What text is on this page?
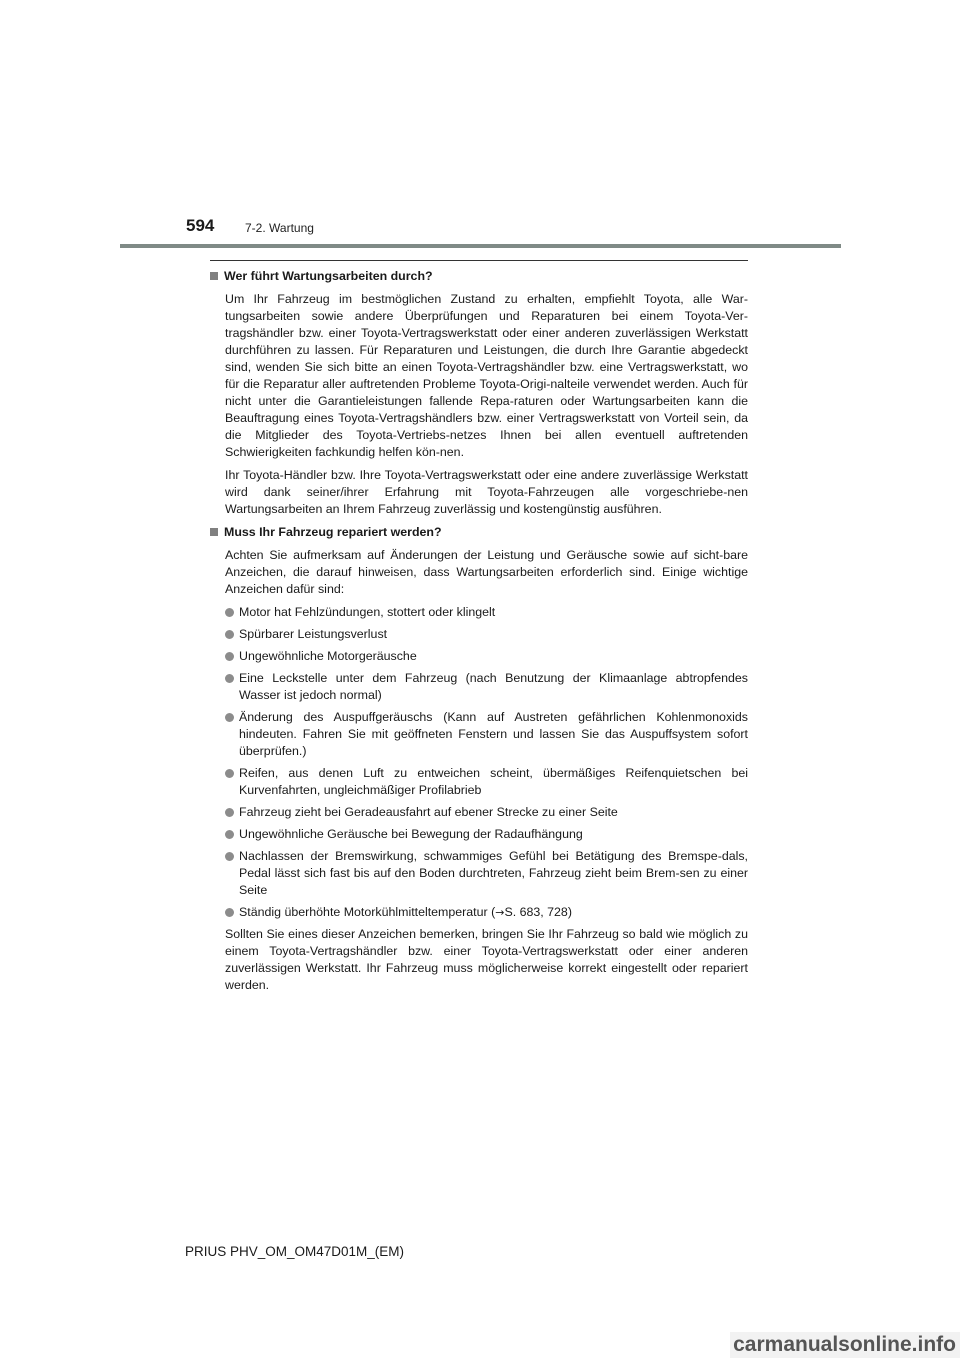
594	7-2. Wartung
Wer führt Wartungsarbeiten durch?

Um Ihr Fahrzeug im bestmöglichen Zustand zu erhalten, empfiehlt Toyota, alle War-tungsarbeiten sowie andere Überprüfungen und Reparaturen bei einem Toyota-Ver-tragshändler bzw. einer Toyota-Vertragswerkstatt oder einer anderen zuverlässigen Werkstatt durchführen zu lassen. Für Reparaturen und Leistungen, die durch Ihre Garantie abgedeckt sind, wenden Sie sich bitte an einen Toyota-Vertragshändler bzw. eine Vertragswerkstatt, wo für die Reparatur aller auftretenden Probleme Toyota-Origi-nalteile verwendet werden. Auch für nicht unter die Garantieleistungen fallende Repa-raturen oder Wartungsarbeiten kann die Beauftragung eines Toyota-Vertragshändlers bzw. einer Vertragswerkstatt von Vorteil sein, da die Mitglieder des Toyota-Vertriebs-netzes Ihnen bei allen eventuell auftretenden Schwierigkeiten fachkundig helfen kön-nen.

Ihr Toyota-Händler bzw. Ihre Toyota-Vertragswerkstatt oder eine andere zuverlässige Werkstatt wird dank seiner/ihrer Erfahrung mit Toyota-Fahrzeugen alle vorgeschriebe-nen Wartungsarbeiten an Ihrem Fahrzeug zuverlässig und kostengünstig ausführen.

Muss Ihr Fahrzeug repariert werden?

Achten Sie aufmerksam auf Änderungen der Leistung und Geräusche sowie auf sicht-bare Anzeichen, die darauf hinweisen, dass Wartungsarbeiten erforderlich sind. Einige wichtige Anzeichen dafür sind:

Motor hat Fehlzündungen, stottert oder klingelt
Spürbarer Leistungsverlust
Ungewöhnliche Motorgeräusche
Eine Leckstelle unter dem Fahrzeug (nach Benutzung der Klimaanlage abtropfendes Wasser ist jedoch normal)
Änderung des Auspuffgeräuschs (Kann auf Austreten gefährlichen Kohlenmonoxids hindeuten. Fahren Sie mit geöffneten Fenstern und lassen Sie das Auspuffsystem sofort überprüfen.)
Reifen, aus denen Luft zu entweichen scheint, übermäßiges Reifenquietschen bei Kurvenfahrten, ungleichmäßiger Profilabrieb
Fahrzeug zieht bei Geradeausfahrt auf ebener Strecke zu einer Seite
Ungewöhnliche Geräusche bei Bewegung der Radaufhängung
Nachlassen der Bremswirkung, schwammiges Gefühl bei Betätigung des Bremspe-dals, Pedal lässt sich fast bis auf den Boden durchtreten, Fahrzeug zieht beim Brem-sen zu einer Seite
Ständig überhöhte Motorkühlmitteltemperatur (→S. 683, 728)

Sollten Sie eines dieser Anzeichen bemerken, bringen Sie Ihr Fahrzeug so bald wie möglich zu einem Toyota-Vertragshändler bzw. einer Toyota-Vertragswerkstatt oder einer anderen zuverlässigen Werkstatt. Ihr Fahrzeug muss möglicherweise korrekt eingestellt oder repariert werden.

PRIUS PHV_OM_OM47D01M_(EM)
carmanualsonline.info
